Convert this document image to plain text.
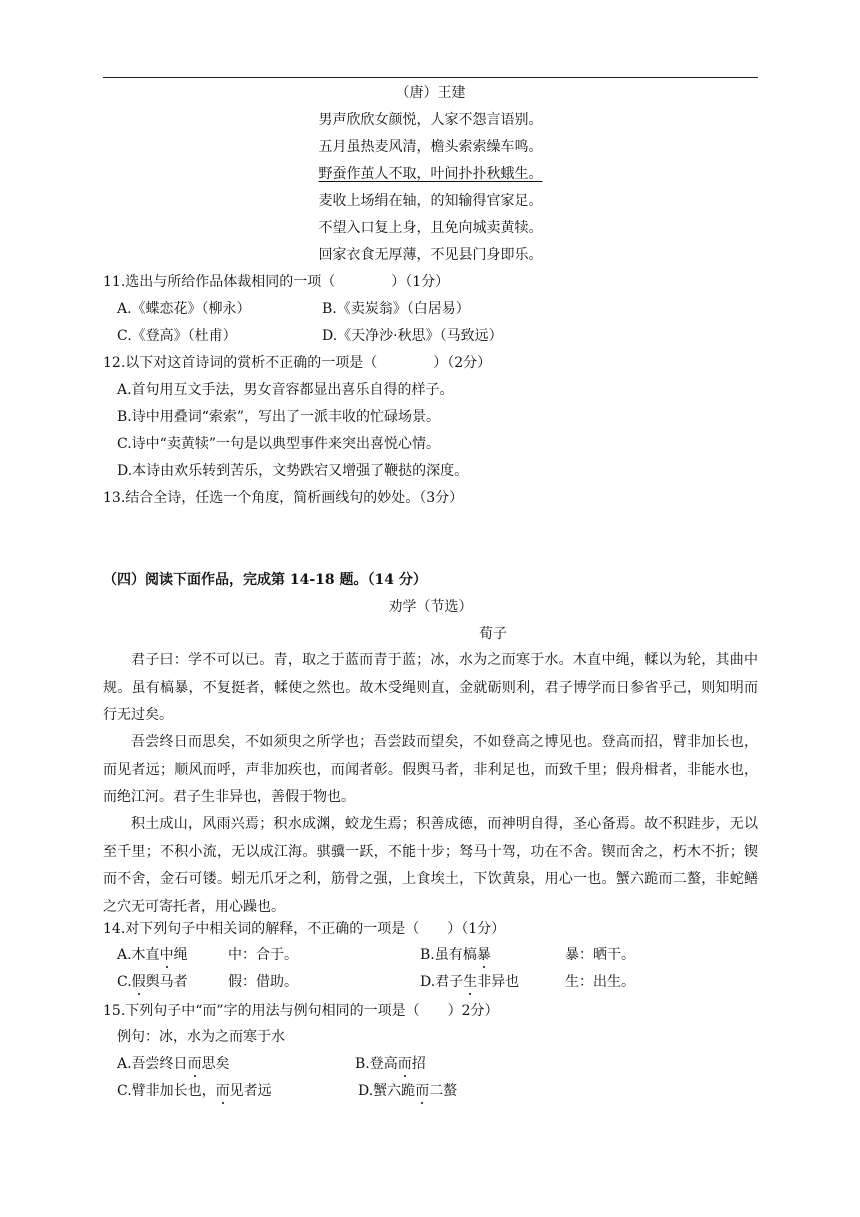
（唐）王建
男声欣欣女颜悦，人家不怨言语别。
五月虽热麦风清，檐头索索缲车鸣。
野蚕作茧人不取，叶间扑扑秋蛾生。
麦收上场绢在轴，的知输得官家足。
不望入口复上身，且免向城卖黄犊。
回家衣食无厚薄，不见县门身即乐。
11.选出与所给作品体裁相同的一项（	）（1分）
A.《蝶恋花》（柳永）	B.《卖炭翁》（白居易）
C.《登高》（杜甫）	D.《天净沙·秋思》（马致远）
12.以下对这首诗词的赏析不正确的一项是（	）（2分）
A.首句用互文手法，男女音容都显出喜乐自得的样子。
B.诗中用叠词“索索”，写出了一派丰收的忙碌场景。
C.诗中“卖黄犊”一句是以典型事件来突出喜悦心情。
D.本诗由欢乐转到苦乐，文势跌宕又增强了鞭挞的深度。
13.结合全诗，任选一个角度，简析画线句的妙处。（3分）
（四）阅读下面作品，完成第 14-18 题。（14 分）
劝学（节选）
荀子
君子曰：学不可以已。青，取之于蓝而青于蓝；冰，水为之而寒于水。木直中绳，輮以为轮，其曲中规。虽有槁暴，不复挺者，輮使之然也。故木受绳则直，金就砺则利，君子博学而日参省乎己，则知明而行无过矣。
吾尝终日而思矣，不如须臾之所学也；吾尝跂而望矣，不如登高之博见也。登高而招，臂非加长也，而见者远；顺风而呼，声非加疾也，而闻者彰。假舆马者，非利足也，而致千里；假舟楫者，非能水也，而绝江河。君子生非异也，善假于物也。
积土成山，风雨兴焉；积水成渊，蛟龙生焉；积善成德，而神明自得，圣心备焉。故不积跬步，无以至千里；不积小流，无以成江海。骐骥一跃，不能十步；驽马十驾，功在不舍。锲而舍之，朽木不折；锲而不舍，金石可镂。蚓无爪牙之利，筋骨之强，上食埃土，下饮黄泉，用心一也。蟹六跪而二螯，非蛇鳝之穴无可寄托者，用心躁也。
14.对下列句子中相关词的解释，不正确的一项是（ ）（1分）
A.木直中绳	中：合于。	B.虽有槁暴	暴：晒干。
C.假舆马者	假：借助。	D.君子生非异也	生：出生。
15.下列句子中“而”字的用法与例句相同的一项是（ ）2分）
例句：冰，水为之而寒于水
A.吾尝终日而思矣	B.登高而招
C.臂非加长也，而见者远	D.蟹六跪而二螯
